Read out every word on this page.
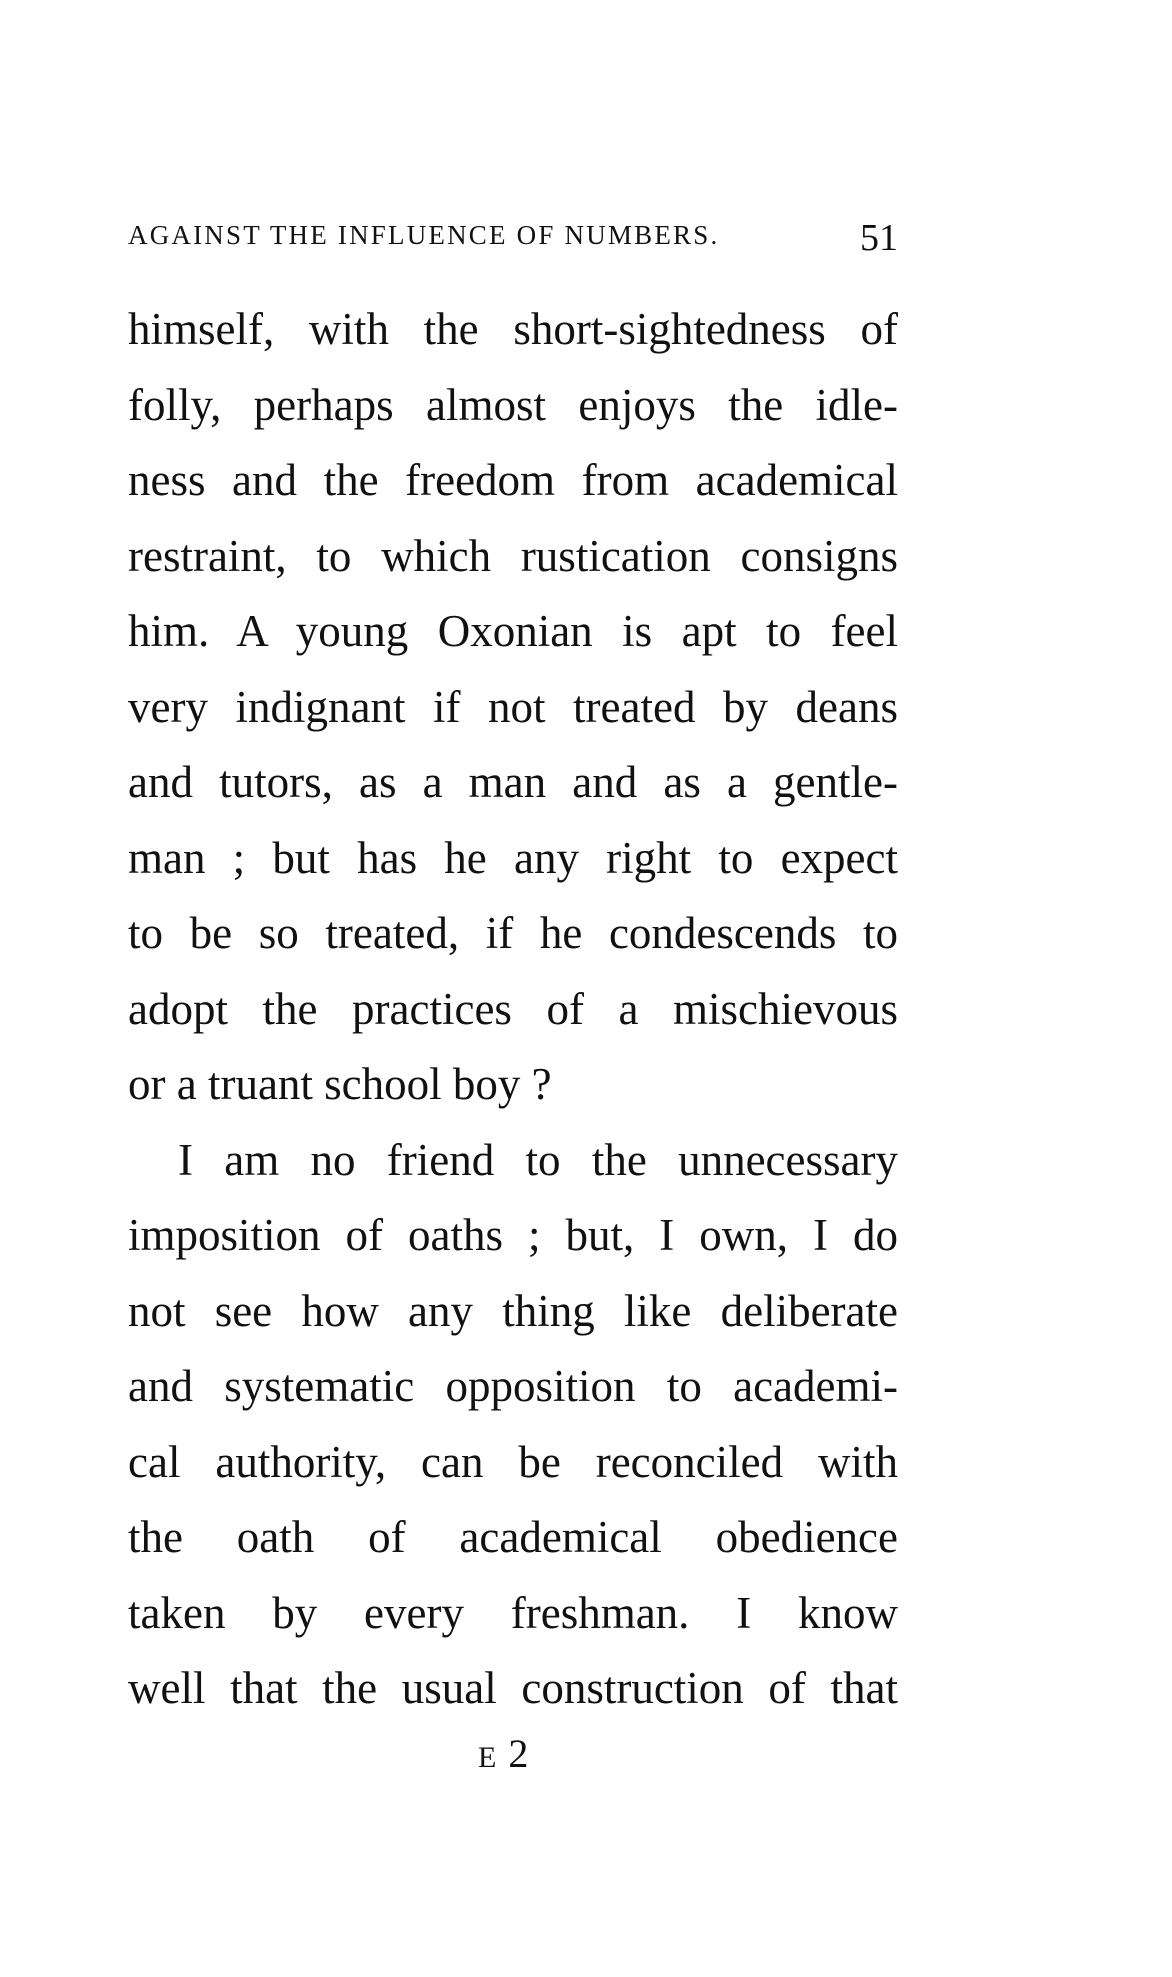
AGAINST THE INFLUENCE OF NUMBERS.	51
himself, with the short-sightedness of
folly, perhaps almost enjoys the idle-
ness and the freedom from academical
restraint, to which rustication consigns
him. A young Oxonian is apt to feel
very indignant if not treated by deans
and tutors, as a man and as a gentle-
man ; but has he any right to expect
to be so treated, if he condescends to
adopt the practices of a mischievous
or a truant school boy ?
I am no friend to the unnecessary
imposition of oaths ; but, I own, I do
not see how any thing like deliberate
and systematic opposition to academi-
cal authority, can be reconciled with
the oath of academical obedience
taken by every freshman. I know
well that the usual construction of that
E2
